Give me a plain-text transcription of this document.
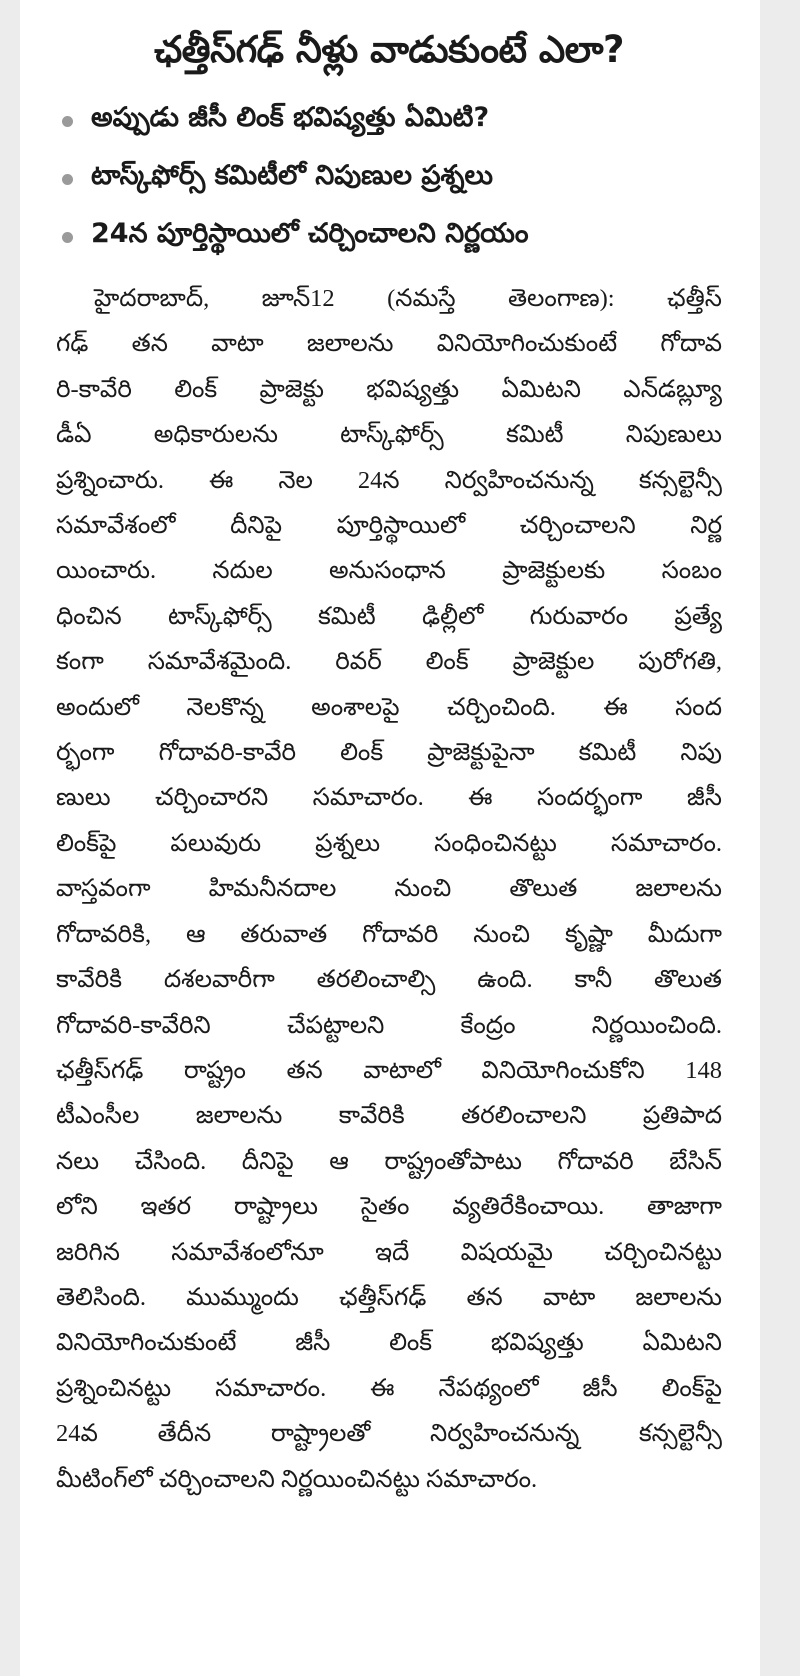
ఛత్తీస్‌గఢ్‌ నీళ్లు వాడుకుంటే ఎలా?
అప్పుడు జీసీ లింక్‌ భవిష్యత్తు ఏమిటి?
టాస్క్‌ఫోర్స్‌ కమిటీలో నిపుణుల ప్రశ్నలు
24న పూర్తిస్థాయిలో చర్చించాలని నిర్ణయం
హైదరాబాద్‌, జూన్‌12 (నమస్తే తెలంగాణ): ఛత్తీస్‌
గఢ్‌ తన వాటా జలాలను వినియోగించుకుంటే గోదావ
రి-కావేరి లింక్‌ ప్రాజెక్టు భవిష్యత్తు ఏమిటని ఎన్‌డబ్ల్యూ
డీఏ అధికారులను టాస్క్‌ఫోర్స్‌ కమిటీ నిపుణులు
ప్రశ్నించారు. ఈ నెల 24న నిర్వహించనున్న కన్సల్టెన్సీ
సమావేశంలో దీనిపై పూర్తిస్థాయిలో చర్చించాలని నిర్ణ
యించారు. నదుల అనుసంధాన ప్రాజెక్టులకు సంబం
ధించిన టాస్క్‌ఫోర్స్‌ కమిటీ ఢిల్లీలో గురువారం ప్రత్యే
కంగా సమావేశమైంది. రివర్‌ లింక్‌ ప్రాజెక్టుల పురోగతి,
అందులో నెలకొన్న అంశాలపై చర్చించింది. ఈ సంద
ర్భంగా గోదావరి-కావేరి లింక్‌ ప్రాజెక్టుపైనా కమిటీ నిపు
ణులు చర్చించారని సమాచారం. ఈ సందర్భంగా జీసీ
లింక్‌పై పలువురు ప్రశ్నలు సంధించినట్టు సమాచారం.
వాస్తవంగా హిమనీనదాల నుంచి తొలుత జలాలను
గోదావరికి, ఆ తరువాత గోదావరి నుంచి కృష్ణా మీదుగా
కావేరికి దశలవారీగా తరలించాల్సి ఉంది. కానీ తొలుత
గోదావరి-కావేరిని చేపట్టాలని కేంద్రం నిర్ణయించింది.
ఛత్తీస్‌గఢ్‌ రాష్ట్రం తన వాటాలో వినియోగించుకోని 148
టీఎంసీల జలాలను కావేరికి తరలించాలని ప్రతిపాద
నలు చేసింది. దీనిపై ఆ రాష్ట్రంతోపాటు గోదావరి బేసిన్‌
లోని ఇతర రాష్ట్రాలు సైతం వ్యతిరేకించాయి. తాజాగా
జరిగిన సమావేశంలోనూ ఇదే విషయమై చర్చించినట్టు
తెలిసింది. ముమ్ముందు ఛత్తీస్‌గఢ్‌ తన వాటా జలాలను
వినియోగించుకుంటే జీసీ లింక్‌ భవిష్యత్తు ఏమిటని
ప్రశ్నించినట్టు సమాచారం. ఈ నేపథ్యంలో జీసీ లింక్‌పై
24వ తేదీన రాష్ట్రాలతో నిర్వహించనున్న కన్సల్టెన్సీ
మీటింగ్‌లో చర్చించాలని నిర్ణయించినట్టు సమాచారం.
